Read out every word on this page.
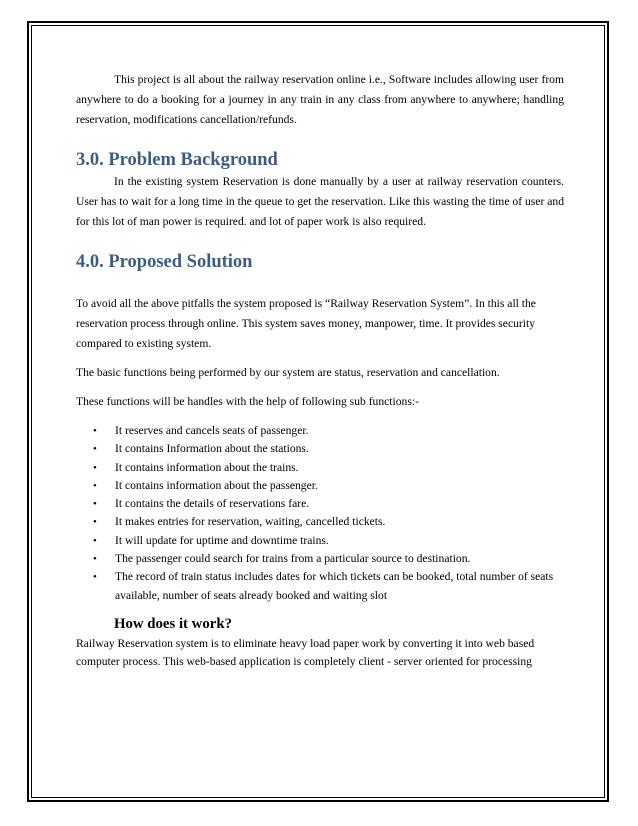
This project is all about the railway reservation online i.e., Software includes allowing user from anywhere to do a booking for a journey in any train in any class from anywhere to anywhere; handling reservation, modifications cancellation/refunds.

3.0. Problem Background

In the existing system Reservation is done manually by a user at railway reservation counters. User has to wait for a long time in the queue to get the reservation. Like this wasting the time of user and for this lot of man power is required. and lot of paper work is also required.

4.0. Proposed Solution

To avoid all the above pitfalls the system proposed is “Railway Reservation System”. In this all the reservation process through online. This system saves money, manpower, time. It provides security compared to existing system.

The basic functions being performed by our system are status, reservation and cancellation.

These functions will be handles with the help of following sub functions:-

• It reserves and cancels seats of passenger.
• It contains Information about the stations.
• It contains information about the trains.
• It contains information about the passenger.
• It contains the details of reservations fare.
• It makes entries for reservation, waiting, cancelled tickets.
• It will update for uptime and downtime trains.
• The passenger could search for trains from a particular source to destination.
• The record of train status includes dates for which tickets can be booked, total number of seats available, number of seats already booked and waiting slot
How does it work?

Railway Reservation system is to eliminate heavy load paper work by converting it into web based computer process. This web-based application is completely client - server oriented for processing
